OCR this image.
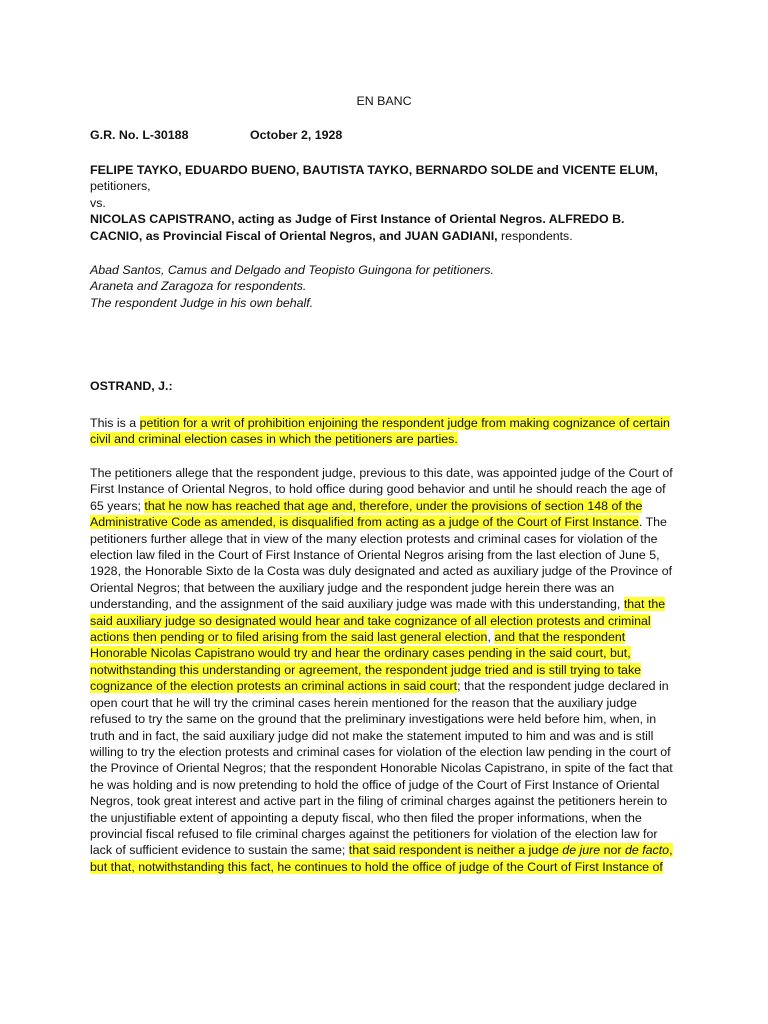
EN BANC

G.R. No. L-30188	October 2, 1928

FELIPE TAYKO, EDUARDO BUENO, BAUTISTA TAYKO, BERNARDO SOLDE and VICENTE ELUM, petitioners,
vs.
NICOLAS CAPISTRANO, acting as Judge of First Instance of Oriental Negros. ALFREDO B. CACNIO, as Provincial Fiscal of Oriental Negros, and JUAN GADIANI, respondents.

Abad Santos, Camus and Delgado and Teopisto Guingona for petitioners.
Araneta and Zaragoza for respondents.
The respondent Judge in his own behalf.

OSTRAND, J.:

This is a petition for a writ of prohibition enjoining the respondent judge from making cognizance of certain civil and criminal election cases in which the petitioners are parties.

The petitioners allege that the respondent judge, previous to this date, was appointed judge of the Court of First Instance of Oriental Negros, to hold office during good behavior and until he should reach the age of 65 years; that he now has reached that age and, therefore, under the provisions of section 148 of the Administrative Code as amended, is disqualified from acting as a judge of the Court of First Instance. The petitioners further allege that in view of the many election protests and criminal cases for violation of the election law filed in the Court of First Instance of Oriental Negros arising from the last election of June 5, 1928, the Honorable Sixto de la Costa was duly designated and acted as auxiliary judge of the Province of Oriental Negros; that between the auxiliary judge and the respondent judge herein there was an understanding, and the assignment of the said auxiliary judge was made with this understanding, that the said auxiliary judge so designated would hear and take cognizance of all election protests and criminal actions then pending or to filed arising from the said last general election, and that the respondent Honorable Nicolas Capistrano would try and hear the ordinary cases pending in the said court, but, notwithstanding this understanding or agreement, the respondent judge tried and is still trying to take cognizance of the election protests an criminal actions in said court; that the respondent judge declared in open court that he will try the criminal cases herein mentioned for the reason that the auxiliary judge refused to try the same on the ground that the preliminary investigations were held before him, when, in truth and in fact, the said auxiliary judge did not make the statement imputed to him and was and is still willing to try the election protests and criminal cases for violation of the election law pending in the court of the Province of Oriental Negros; that the respondent Honorable Nicolas Capistrano, in spite of the fact that he was holding and is now pretending to hold the office of judge of the Court of First Instance of Oriental Negros, took great interest and active part in the filing of criminal charges against the petitioners herein to the unjustifiable extent of appointing a deputy fiscal, who then filed the proper informations, when the provincial fiscal refused to file criminal charges against the petitioners for violation of the election law for lack of sufficient evidence to sustain the same; that said respondent is neither a judge de jure nor de facto, but that, notwithstanding this fact, he continues to hold the office of judge of the Court of First Instance of
